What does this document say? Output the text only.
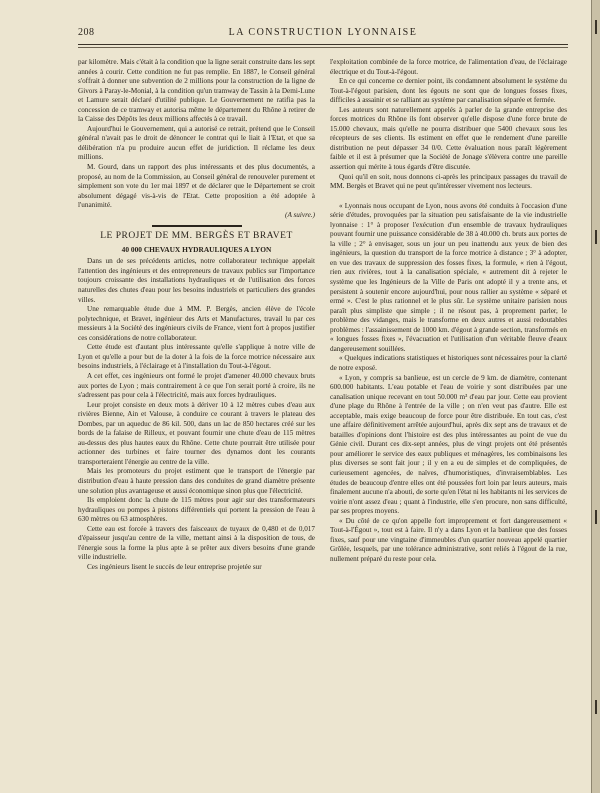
208	LA CONSTRUCTION LYONNAISE

par kilomètre. Mais c'était à la condition que la ligne serait construite dans les sept années à courir. Cette condition ne fut pas remplie. En 1887, le Conseil général s'offrait à donner une subvention de 2 millions pour la construction de la ligne de Givors à Paray-le-Monial, à la condition qu'un tramway de Tassin à la Demi-Lune et Lamure serait déclaré d'utilité publique. Le Gouvernement ne ratifia pas la concession de ce tramway et autorisa même le département du Rhône à retirer de la Caisse des Dépôts les deux millions affectés à ce travail.

Aujourd'hui le Gouvernement, qui a autorisé ce retrait, prétend que le Conseil général n'avait pas le droit de dénoncer le contrat qui le liait à l'Etat, et que sa délibération n'a pu produire aucun effet de juridiction. Il réclame les deux millions.

M. Gourd, dans un rapport des plus intéressants et des plus documentés, a proposé, au nom de la Commission, au Conseil général de renouveler purement et simplement son vote du 1er mai 1897 et de déclarer que le Département se croit absolument dégagé vis-à-vis de l'Etat. Cette proposition a été adoptée à l'unanimité.

(A suivre.)

LE PROJET DE MM. BERGÈS ET BRAVET
40 000 CHEVAUX HYDRAULIQUES A LYON

Dans un de ses précédents articles, notre collaborateur technique appelait l'attention des ingénieurs et des entrepreneurs de travaux publics sur l'importance toujours croissante des installations hydrauliques et de l'utilisation des forces naturelles des chutes d'eau pour les besoins industriels et particuliers des grandes villes.

Une remarquable étude due à MM. P. Bergès, ancien élève de l'école polytechnique, et Bravet, ingénieur des Arts et Manufactures, travail lu par ces messieurs à la Société des ingénieurs civils de France, vient fort à propos justifier ces considérations de notre collaborateur.

Cette étude est d'autant plus intéressante qu'elle s'applique à notre ville de Lyon et qu'elle a pour but de la doter à la fois de la force motrice nécessaire aux besoins industriels, à l'éclairage et à l'installation du Tout-à-l'égout.

A cet effet, ces ingénieurs ont formé le projet d'amener 40.000 chevaux bruts aux portes de Lyon ; mais contrairement à ce que l'on serait porté à croire, ils ne s'adressent pas pour cela à l'électricité, mais aux forces hydrauliques.

Leur projet consiste en deux mots à dériver 10 à 12 mètres cubes d'eau aux rivières Bienne, Ain et Valouse, à conduire ce courant à travers le plateau des Dombes, par un aqueduc de 86 kil. 500, dans un lac de 850 hectares créé sur les bords de la falaise de Rilleux, et pouvant fournir une chute d'eau de 115 mètres au-dessus des plus hautes eaux du Rhône. Cette chute pourrait être utilisée pour actionner des turbines et faire tourner des dynamos dont les courants transporteraient l'énergie au centre de la ville.

Mais les promoteurs du projet estiment que le transport de l'énergie par distribution d'eau à haute pression dans des conduites de grand diamètre présente une solution plus avantageuse et aussi économique sinon plus que l'électricité.

Ils emploient donc la chute de 115 mètres pour agir sur des transformateurs hydrauliques ou pompes à pistons différentiels qui portent la pression de l'eau à 630 mètres ou 63 atmosphères.

Cette eau est forcée à travers des faisceaux de tuyaux de 0,480 et de 0,017 d'épaisseur jusqu'au centre de la ville, mettant ainsi à la disposition de tous, de l'énergie sous la forme la plus apte à se prêter aux divers besoins d'une grande ville industrielle.

Ces ingénieurs lisent le succès de leur entreprise projetée sur

l'exploitation combinée de la force motrice, de l'alimentation d'eau, de l'éclairage électrique et du Tout-à-l'égout.

En ce qui concerne ce dernier point, ils condamnent absolument le système du Tout-à-l'égout parisien, dont les égouts ne sont que de longues fosses fixes, difficiles à assainir et se ralliant au système par canalisation séparée et fermée.

Les auteurs sont naturellement appelés à parler de la grande entreprise des forces motrices du Rhône ils font observer qu'elle dispose d'une force brute de 15.000 chevaux, mais qu'elle ne pourra distribuer que 5400 chevaux sous les récepteurs de ses clients. Ils estiment en effet que le rendement d'une pareille distribution ne peut dépasser 34 0/0. Cette évaluation nous paraît légèrement faible et il est à présumer que la Société de Jonage s'élèvera contre une pareille assertion qui mérite à tous égards d'être discutée.

Quoi qu'il en soit, nous donnons ci-après les principaux passages du travail de MM. Bergès et Bravet qui ne peut qu'intéresser vivement nos lecteurs.

« Lyonnais nous occupant de Lyon, nous avons été conduits à l'occasion d'une série d'études, provoquées par la situation peu satisfaisante de la vie industrielle lyonnaise : 1° à proposer l'exécution d'un ensemble de travaux hydrauliques pouvant fournir une puissance considérable de 38 à 40.000 ch. bruts aux portes de la ville ; 2° à envisager, sous un jour un peu inattendu aux yeux de bien des ingénieurs, la question du transport de la force motrice à distance ; 3° à adopter, en vue des travaux de suppression des fosses fixes, la formule, « rien à l'égout, rien aux rivières, tout à la canalisation spéciale, « autrement dit à rejeter le système que les Ingénieurs de la Ville de Paris ont adopté il y a trente ans, et persistent à soutenir encore aujourd'hui, pour nous rallier au système « séparé et ermé ». C'est le plus rationnel et le plus sûr. Le système unitaire parisien nous paraît plus simpliste que simple ; il ne résout pas, à proprement parler, le problème des vidanges, mais le transforme en deux autres et aussi redoutables problèmes : l'assainissement de 1000 km. d'égout à grande section, transformés en « longues fosses fixes », l'évacuation et l'utilisation d'un véritable fleuve d'eaux dangereusement souillées.

« Quelques indications statistiques et historiques sont nécessaires pour la clarté de notre exposé.

« Lyon, y compris sa banlieue, est un cercle de 9 km. de diamètre, contenant 600.000 habitants. L'eau potable et l'eau de voirie y sont distribuées par une canalisation unique recevant en tout 50.000 m³ d'eau par jour. Cette eau provient d'une plage du Rhône à l'entrée de la ville ; on n'en veut pas d'autre. Elle est acceptable, mais exige beaucoup de force pour être distribuée. En tout cas, c'est une affaire définitivement arrêtée aujourd'hui, après dix sept ans de travaux et de batailles d'opinions dont l'histoire est des plus intéressantes au point de vue du Génie civil. Durant ces dix-sept années, plus de vingt projets ont été présentés pour améliorer le service des eaux publiques et ménagères, les combinaisons les plus diverses se sont fait jour ; il y en a eu de simples et de compliquées, de curieusement agencées, de naïves, d'humoristiques, d'invraisemblables. Les études de beaucoup d'entre elles ont été poussées fort loin par leurs auteurs, mais finalement aucune n'a abouti, de sorte qu'en l'état ni les habitants ni les services de voirie n'ont assez d'eau ; quant à l'industrie, elle s'en procure, non sans difficulté, par ses propres moyens.

« Du côté de ce qu'on appelle fort improprement et fort dangereusement « Tout-à-l'Égout », tout est à faire. Il n'y a dans Lyon et la banlieue que des fosses fixes, sauf pour une vingtaine d'immeubles d'un quartier nouveau appelé quartier Grôlée, lesquels, par une tolérance administrative, sont reliés à l'égout de la rue, nullement préparé du reste pour cela.
